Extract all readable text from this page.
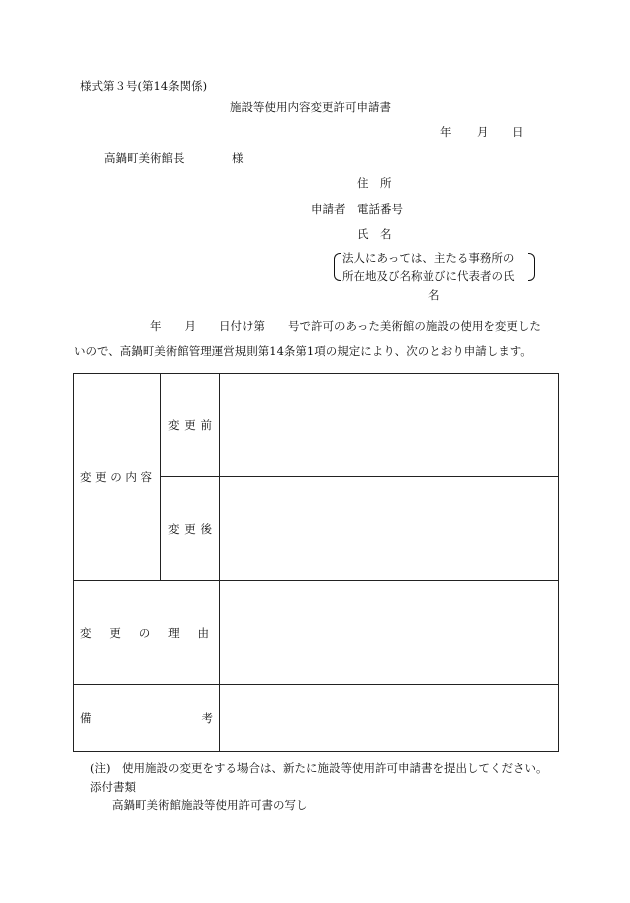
様式第３号(第14条関係)
施設等使用内容変更許可申請書
年 月 日
高鍋町美術館長	様
住　所
申請者 電話番号
氏　名
法人にあっては、主たる事務所の
所在地及び名称並びに代表者の氏
名
年　　月　　日付け第　　号で許可のあった美術館の施設の使用を変更した
いので、高鍋町美術館管理運営規則第14条第1項の規定により、次のとおり申請します。
変 更 の 内 容	変 更 前	

	変 更 後	

変 更 の 理 由		

備 考		

(注)　使用施設の変更をする場合は、新たに施設等使用許可申請書を提出してください。
添付書類
高鍋町美術館施設等使用許可書の写し
